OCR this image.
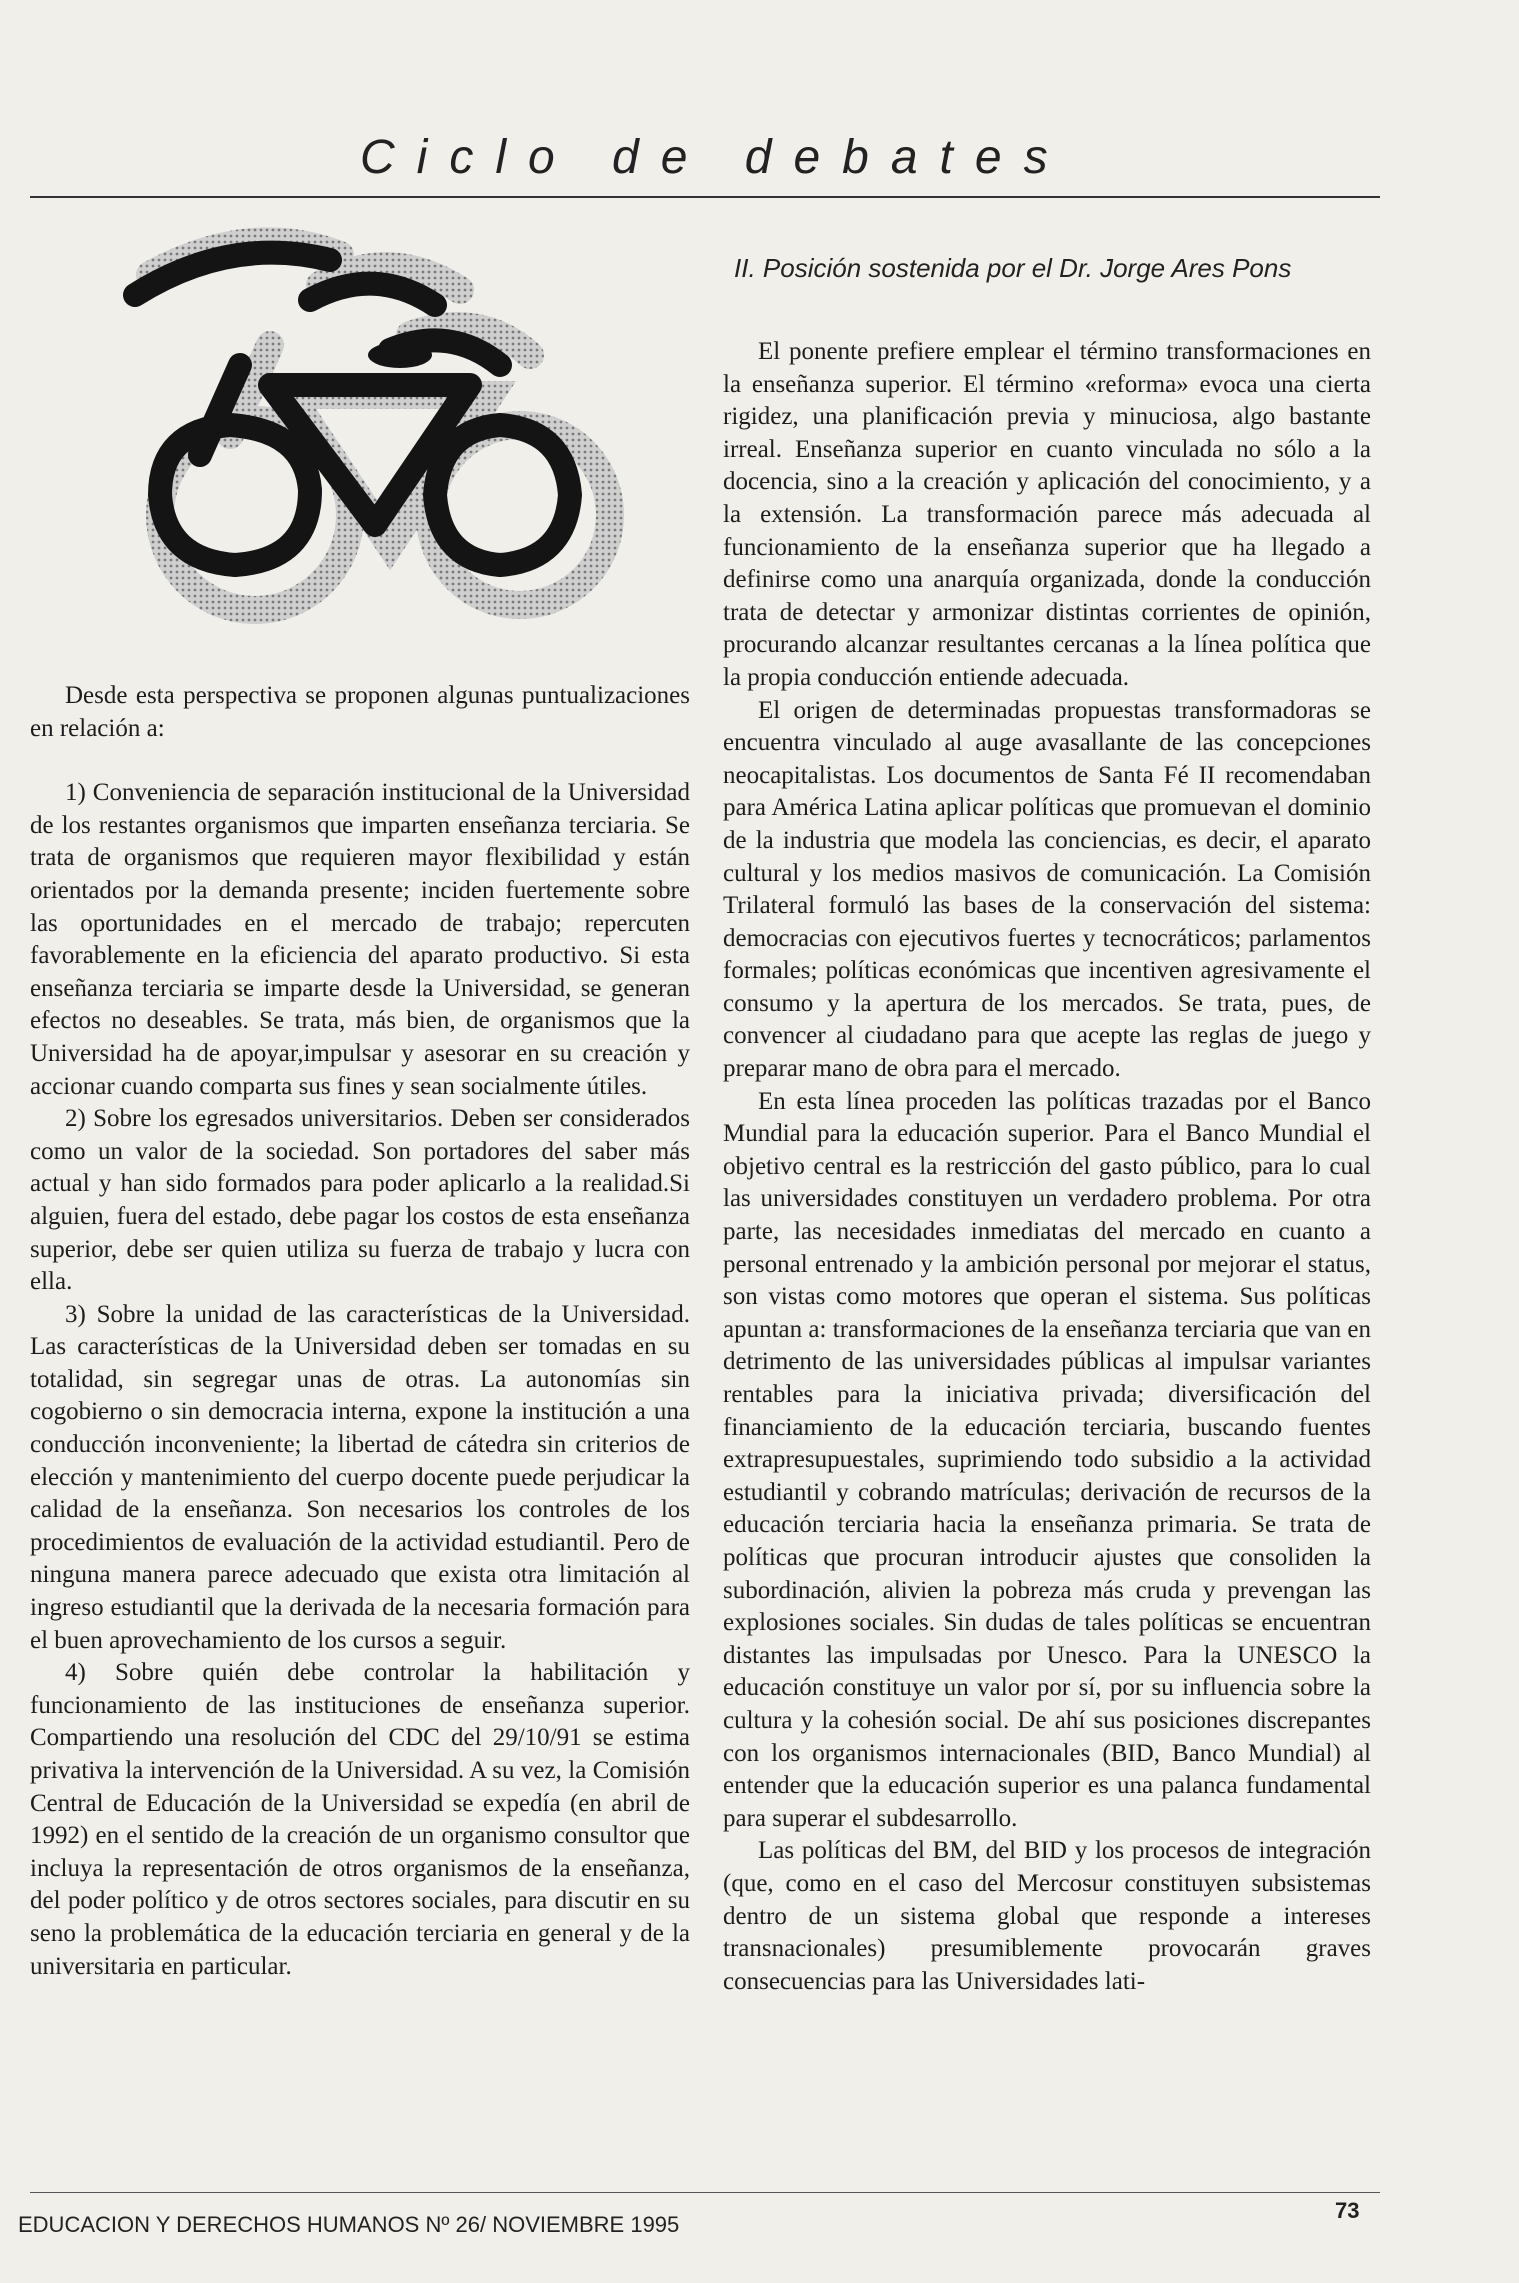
Ciclo de debates

Desde esta perspectiva se proponen algunas puntualizaciones en relación a:

1) Conveniencia de separación institucional de la Universidad de los restantes organismos que imparten enseñanza terciaria. Se trata de organismos que requieren mayor flexibilidad y están orientados por la demanda presente; inciden fuertemente sobre las oportunidades en el mercado de trabajo; repercuten favorablemente en la eficiencia del aparato productivo. Si esta enseñanza terciaria se imparte desde la Universidad, se generan efectos no deseables. Se trata, más bien, de organismos que la Universidad ha de apoyar,impulsar y asesorar en su creación y accionar cuando comparta sus fines y sean socialmente útiles.

2) Sobre los egresados universitarios. Deben ser considerados como un valor de la sociedad. Son portadores del saber más actual y han sido formados para poder aplicarlo a la realidad.Si alguien, fuera del estado, debe pagar los costos de esta enseñanza superior, debe ser quien utiliza su fuerza de trabajo y lucra con ella.

3) Sobre la unidad de las características de la Universidad. Las características de la Universidad deben ser tomadas en su totalidad, sin segregar unas de otras. La autonomías sin cogobierno o sin democracia interna, expone la institución a una conducción inconveniente; la libertad de cátedra sin criterios de elección y mantenimiento del cuerpo docente puede perjudicar la calidad de la enseñanza. Son necesarios los controles de los procedimientos de evaluación de la actividad estudiantil. Pero de ninguna manera parece adecuado que exista otra limitación al ingreso estudiantil que la derivada de la necesaria formación para el buen aprovechamiento de los cursos a seguir.

4) Sobre quién debe controlar la habilitación y funcionamiento de las instituciones de enseñanza superior. Compartiendo una resolución del CDC del 29/10/91 se estima privativa la intervención de la Universidad. A su vez, la Comisión Central de Educación de la Universidad se expedía (en abril de 1992) en el sentido de la creación de un organismo consultor que incluya la representación de otros organismos de la enseñanza, del poder político y de otros sectores sociales, para discutir en su seno la problemática de la educación terciaria en general y de la universitaria en particular.

II. Posición sostenida por el Dr. Jorge Ares Pons

El ponente prefiere emplear el término transformaciones en la enseñanza superior. El término «reforma» evoca una cierta rigidez, una planificación previa y minuciosa, algo bastante irreal. Enseñanza superior en cuanto vinculada no sólo a la docencia, sino a la creación y aplicación del conocimiento, y a la extensión. La transformación parece más adecuada al funcionamiento de la enseñanza superior que ha llegado a definirse como una anarquía organizada, donde la conducción trata de detectar y armonizar distintas corrientes de opinión, procurando alcanzar resultantes cercanas a la línea política que la propia conducción entiende adecuada.

El origen de determinadas propuestas transformadoras se encuentra vinculado al auge avasallante de las concepciones neocapitalistas. Los documentos de Santa Fé II recomendaban para América Latina aplicar políticas que promuevan el dominio de la industria que modela las conciencias, es decir, el aparato cultural y los medios masivos de comunicación. La Comisión Trilateral formuló las bases de la conservación del sistema: democracias con ejecutivos fuertes y tecnocráticos; parlamentos formales; políticas económicas que incentiven agresivamente el consumo y la apertura de los mercados. Se trata, pues, de convencer al ciudadano para que acepte las reglas de juego y preparar mano de obra para el mercado.

En esta línea proceden las políticas trazadas por el Banco Mundial para la educación superior. Para el Banco Mundial el objetivo central es la restricción del gasto público, para lo cual las universidades constituyen un verdadero problema. Por otra parte, las necesidades inmediatas del mercado en cuanto a personal entrenado y la ambición personal por mejorar el status, son vistas como motores que operan el sistema. Sus políticas apuntan a: transformaciones de la enseñanza terciaria que van en detrimento de las universidades públicas al impulsar variantes rentables para la iniciativa privada; diversificación del financiamiento de la educación terciaria, buscando fuentes extrapresupuestales, suprimiendo todo subsidio a la actividad estudiantil y cobrando matrículas; derivación de recursos de la educación terciaria hacia la enseñanza primaria. Se trata de políticas que procuran introducir ajustes que consoliden la subordinación, alivien la pobreza más cruda y prevengan las explosiones sociales. Sin dudas de tales políticas se encuentran distantes las impulsadas por Unesco. Para la UNESCO la educación constituye un valor por sí, por su influencia sobre la cultura y la cohesión social. De ahí sus posiciones discrepantes con los organismos internacionales (BID, Banco Mundial) al entender que la educación superior es una palanca fundamental para superar el subdesarrollo.

Las políticas del BM, del BID y los procesos de integración (que, como en el caso del Mercosur constituyen subsistemas dentro de un sistema global que responde a intereses transnacionales) presumiblemente provocarán graves consecuencias para las Universidades lati-

EDUCACION Y DERECHOS HUMANOS Nº 26/ NOVIEMBRE 1995
73
